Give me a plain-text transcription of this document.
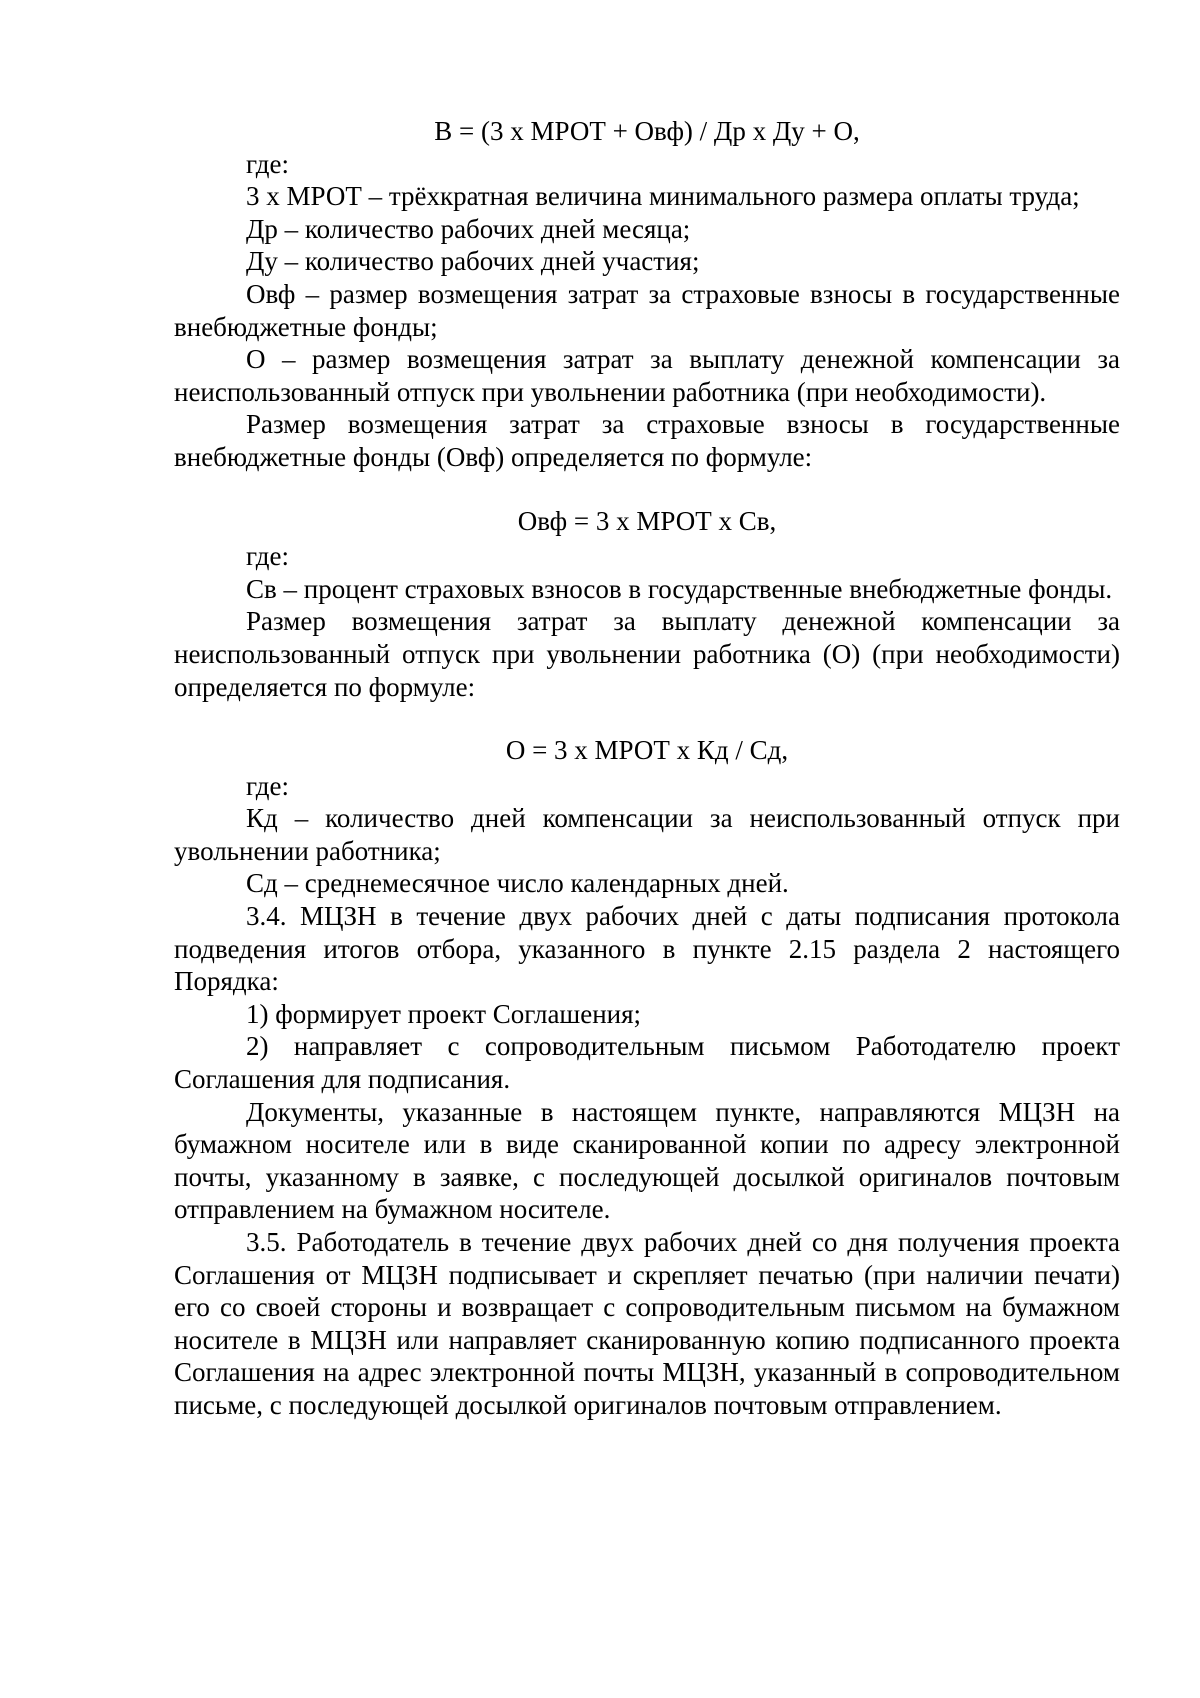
В = (3 х МРОТ + Овф) / Др х Ду + О,

где:

3 х МРОТ – трёхкратная величина минимального размера оплаты труда;

Др – количество рабочих дней месяца;

Ду – количество рабочих дней участия;

Овф – размер возмещения затрат за страховые взносы в государственные внебюджетные фонды;

О – размер возмещения затрат за выплату денежной компенсации за неиспользованный отпуск при увольнении работника (при необходимости).

Размер возмещения затрат за страховые взносы в государственные внебюджетные фонды (Овф) определяется по формуле:

Овф = 3 х МРОТ х Св,

где:

Св – процент страховых взносов в государственные внебюджетные фонды.

Размер возмещения затрат за выплату денежной компенсации за неиспользованный отпуск при увольнении работника (О) (при необходимости) определяется по формуле:

О = 3 х МРОТ х Кд / Сд,

где:

Кд – количество дней компенсации за неиспользованный отпуск при увольнении работника;

Сд – среднемесячное число календарных дней.

3.4. МЦЗН в течение двух рабочих дней с даты подписания протокола подведения итогов отбора, указанного в пункте 2.15 раздела 2 настоящего Порядка:

1) формирует проект Соглашения;

2) направляет с сопроводительным письмом Работодателю проект Соглашения для подписания.

Документы, указанные в настоящем пункте, направляются МЦЗН на бумажном носителе или в виде сканированной копии по адресу электронной почты, указанному в заявке, с последующей досылкой оригиналов почтовым отправлением на бумажном носителе.

3.5. Работодатель в течение двух рабочих дней со дня получения проекта Соглашения от МЦЗН подписывает и скрепляет печатью (при наличии печати) его со своей стороны и возвращает с сопроводительным письмом на бумажном носителе в МЦЗН или направляет сканированную копию подписанного проекта Соглашения на адрес электронной почты МЦЗН, указанный в сопроводительном письме, с последующей досылкой оригиналов почтовым отправлением.
